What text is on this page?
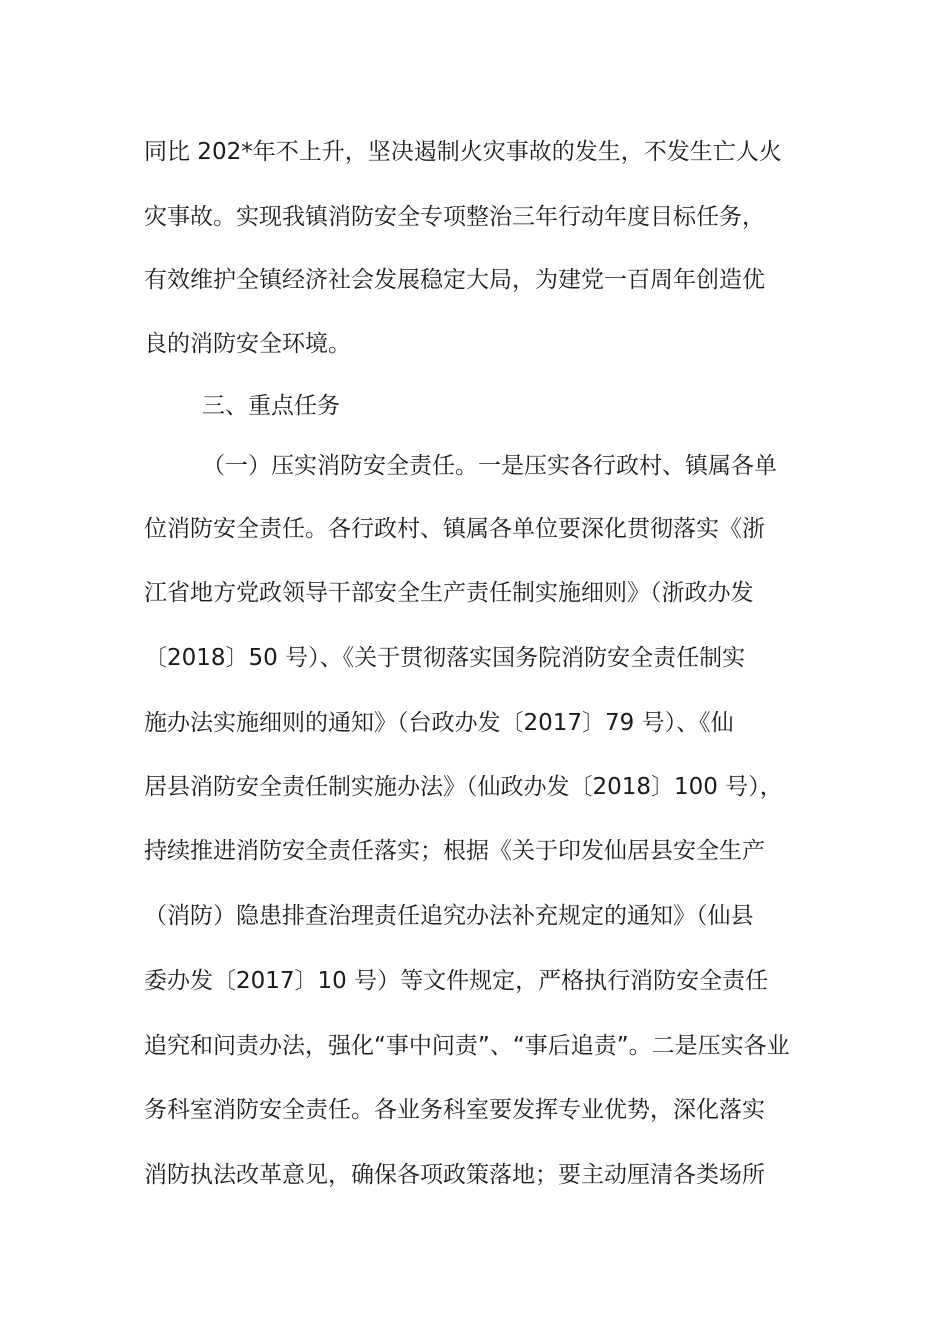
同比 202*年不上升，坚决遏制火灾事故的发生，不发生亡人火

灾事故。实现我镇消防安全专项整治三年行动年度目标任务，

有效维护全镇经济社会发展稳定大局，为建党一百周年创造优

良的消防安全环境。

三、重点任务

（一）压实消防安全责任。一是压实各行政村、镇属各单

位消防安全责任。各行政村、镇属各单位要深化贯彻落实《浙

江省地方党政领导干部安全生产责任制实施细则》（浙政办发

〔2018〕50 号）、《关于贯彻落实国务院消防安全责任制实

施办法实施细则的通知》（台政办发〔2017〕79 号）、《仙

居县消防安全责任制实施办法》（仙政办发〔2018〕100 号），

持续推进消防安全责任落实；根据《关于印发仙居县安全生产

（消防）隐患排查治理责任追究办法补充规定的通知》（仙县

委办发〔2017〕10 号）等文件规定，严格执行消防安全责任

追究和问责办法，强化“事中问责”、“事后追责”。二是压实各业

务科室消防安全责任。各业务科室要发挥专业优势，深化落实

消防执法改革意见，确保各项政策落地；要主动厘清各类场所
